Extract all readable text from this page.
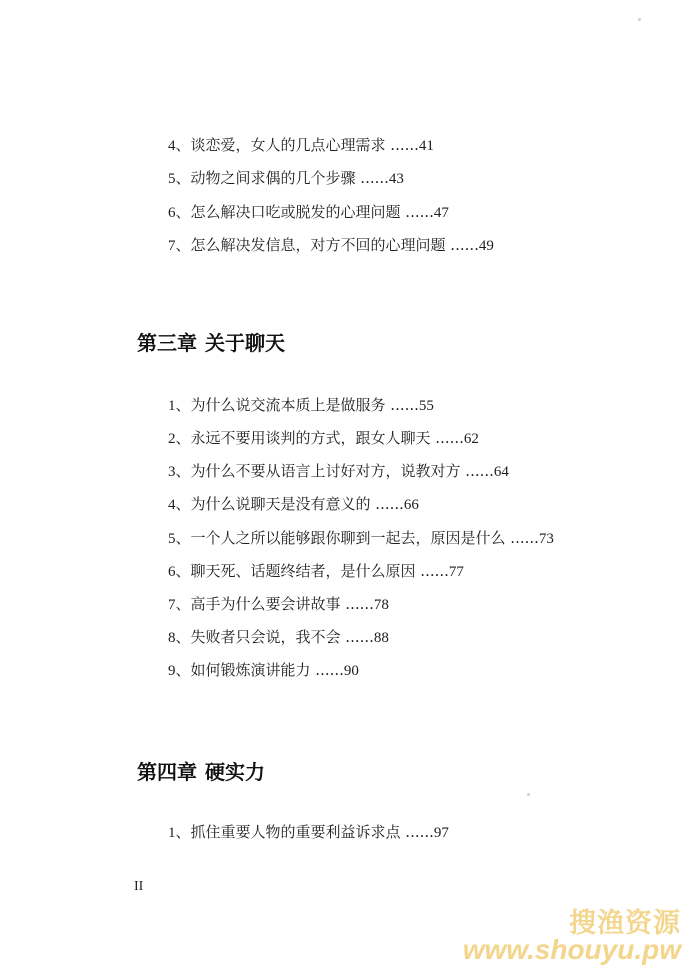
4、谈恋爱，女人的几点心理需求 ......41
5、动物之间求偶的几个步骤 ......43
6、怎么解决口吃或脱发的心理问题 ......47
7、怎么解决发信息，对方不回的心理问题 ......49
第三章 关于聊天
1、为什么说交流本质上是做服务 ......55
2、永远不要用谈判的方式，跟女人聊天 ......62
3、为什么不要从语言上讨好对方，说教对方 ......64
4、为什么说聊天是没有意义的 ......66
5、一个人之所以能够跟你聊到一起去，原因是什么 ......73
6、聊天死、话题终结者，是什么原因 ......77
7、高手为什么要会讲故事 ......78
8、失败者只会说，我不会 ......88
9、如何锻炼演讲能力 ......90
第四章 硬实力
1、抓住重要人物的重要利益诉求点 ......97
II
搜渔资源
www.shouyu.pw
